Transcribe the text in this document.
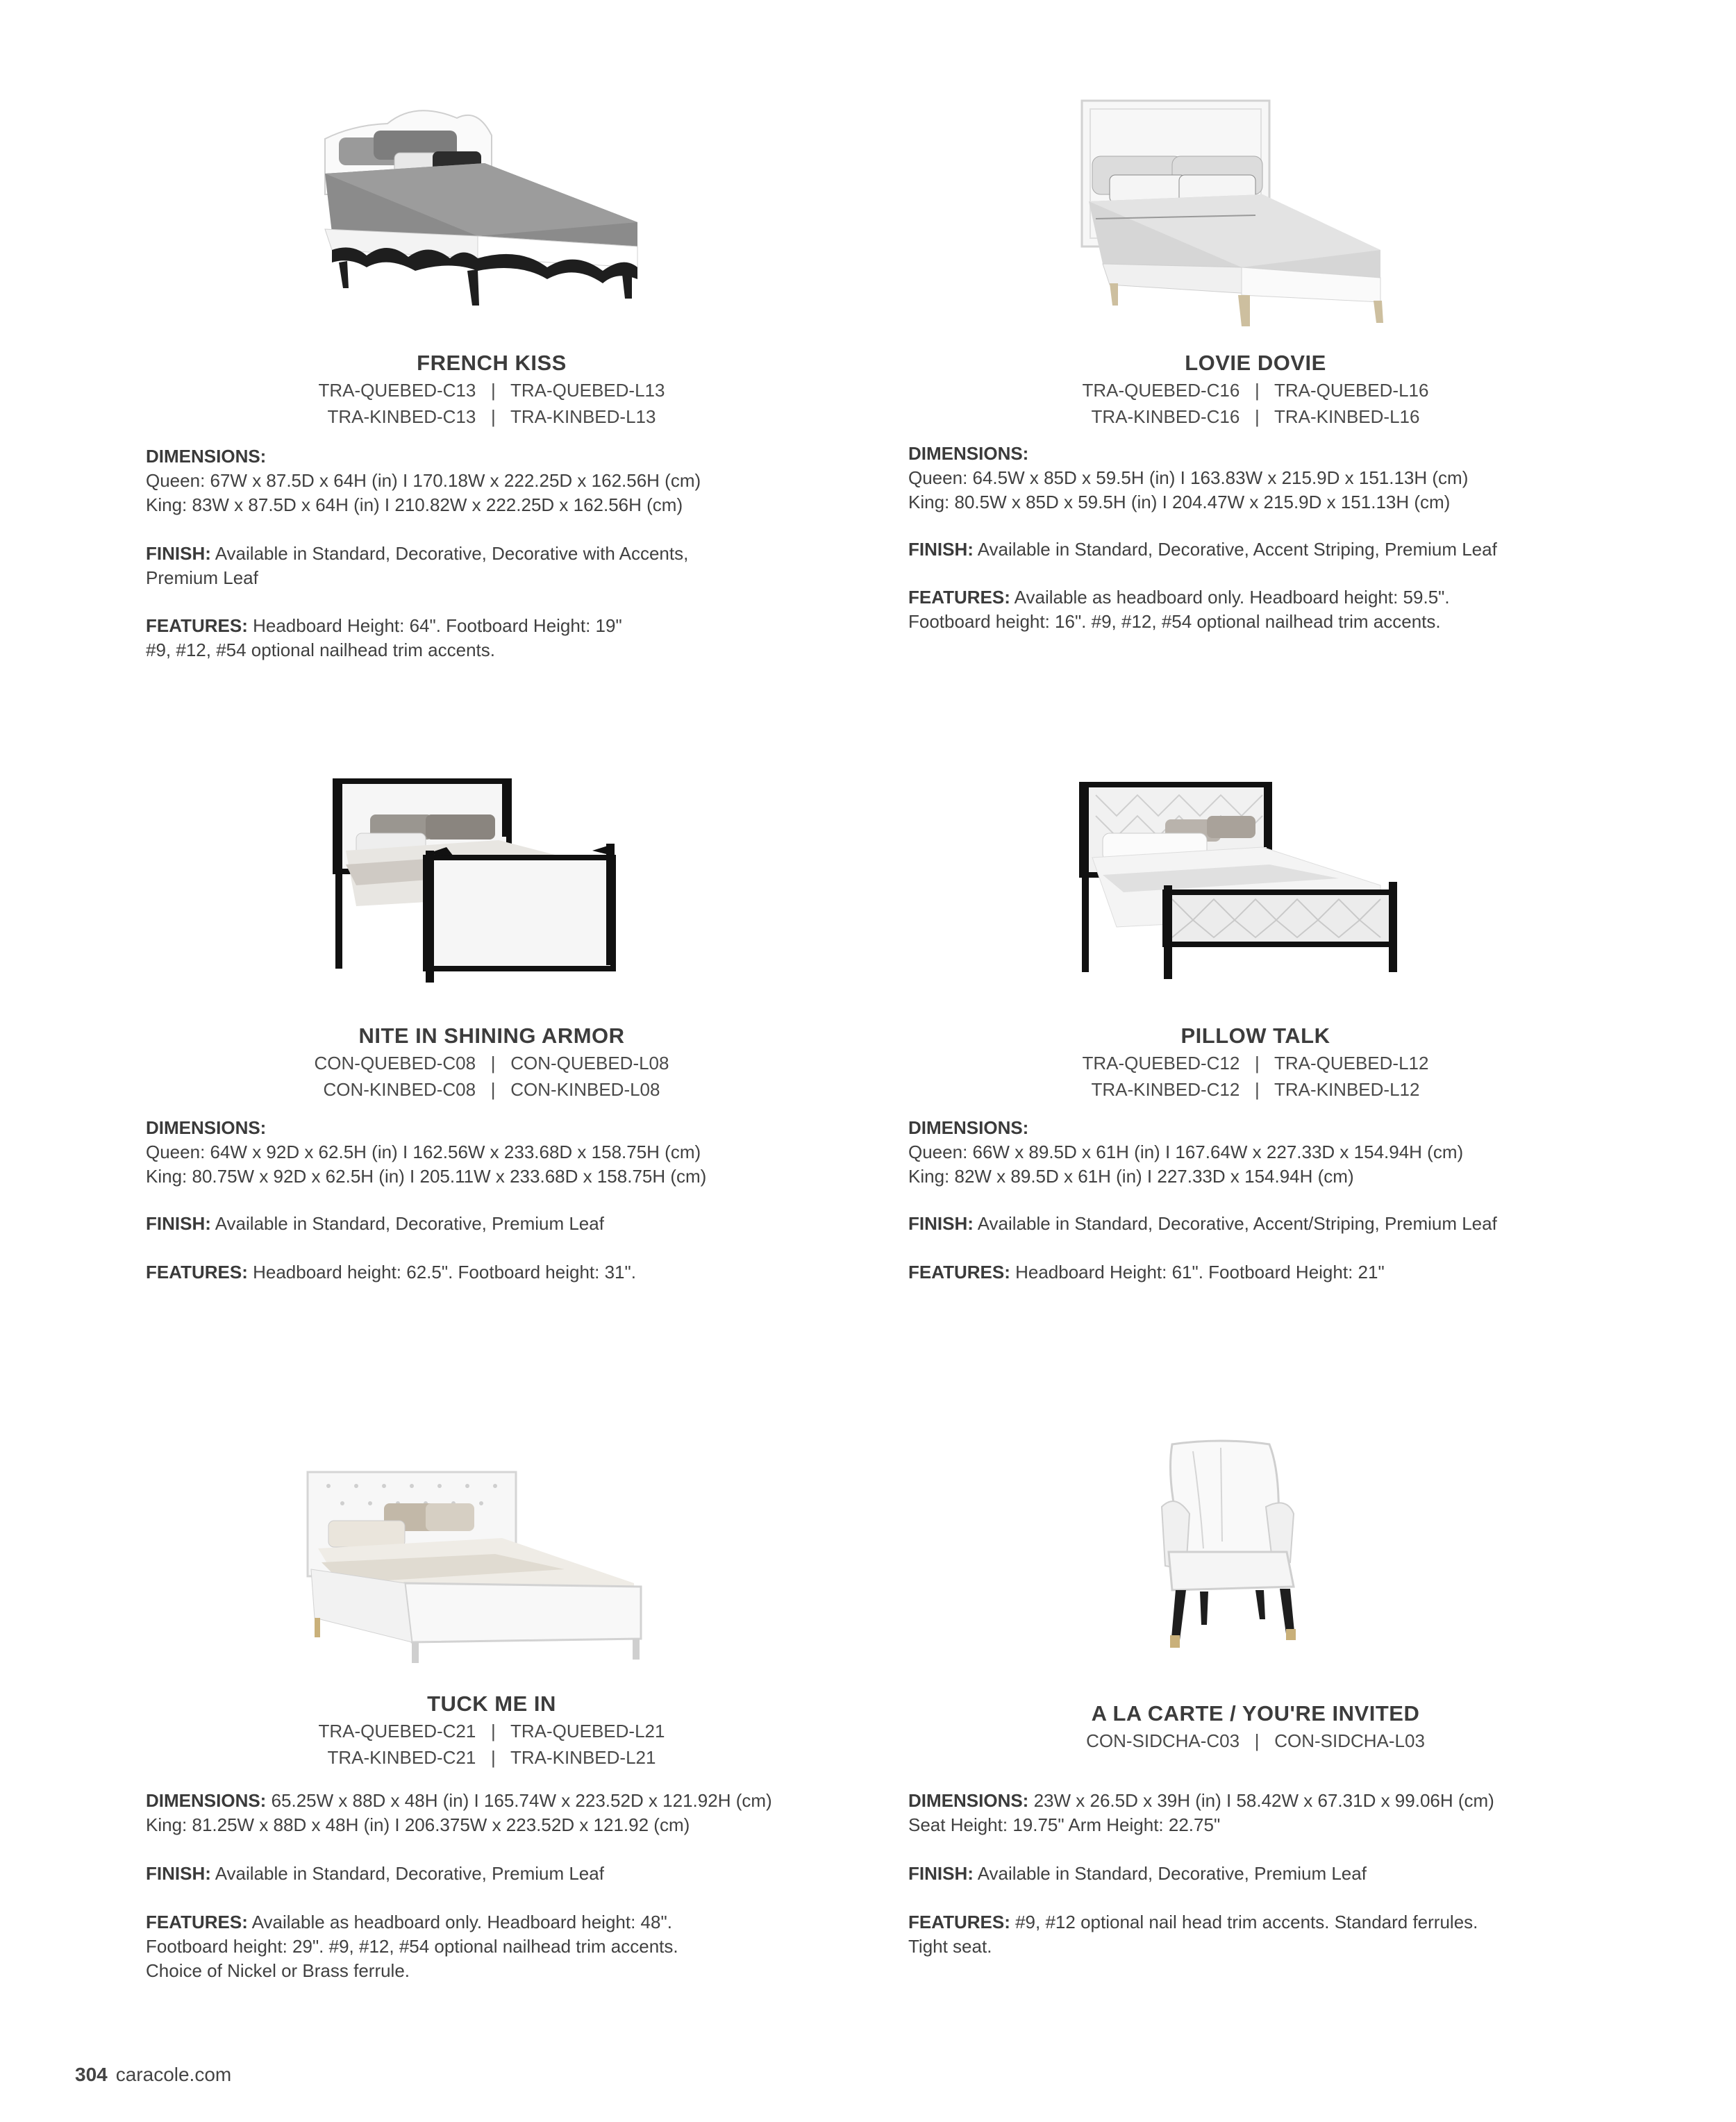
FRENCH KISS
TRA-QUEBED-C13   |   TRA-QUEBED-L13
TRA-KINBED-C13   |   TRA-KINBED-L13
DIMENSIONS:
Queen: 67W x 87.5D x 64H (in) I 170.18W x 222.25D x 162.56H (cm)
King: 83W x 87.5D x 64H (in) I 210.82W x 222.25D x 162.56H (cm)
FINISH: Available in Standard, Decorative, Decorative with Accents,
Premium Leaf
FEATURES: Headboard Height: 64". Footboard Height: 19"
#9, #12, #54 optional nailhead trim accents.
LOVIE DOVIE
TRA-QUEBED-C16   |   TRA-QUEBED-L16
TRA-KINBED-C16   |   TRA-KINBED-L16
DIMENSIONS:
Queen: 64.5W x 85D x 59.5H (in) I 163.83W x 215.9D x 151.13H (cm)
King: 80.5W x 85D x 59.5H (in) I 204.47W x 215.9D x 151.13H (cm)
FINISH: Available in Standard, Decorative, Accent Striping, Premium Leaf
FEATURES: Available as headboard only. Headboard height: 59.5".
Footboard height: 16". #9, #12, #54 optional nailhead trim accents.
NITE IN SHINING ARMOR
CON-QUEBED-C08   |   CON-QUEBED-L08
CON-KINBED-C08   |   CON-KINBED-L08
DIMENSIONS:
Queen: 64W x 92D x 62.5H (in) I 162.56W x 233.68D x 158.75H (cm)
King: 80.75W x 92D x 62.5H (in) I 205.11W x 233.68D x 158.75H (cm)
FINISH: Available in Standard, Decorative, Premium Leaf
FEATURES: Headboard height: 62.5". Footboard height: 31".
PILLOW TALK
TRA-QUEBED-C12   |   TRA-QUEBED-L12
TRA-KINBED-C12   |   TRA-KINBED-L12
DIMENSIONS:
Queen: 66W x 89.5D x 61H (in) I 167.64W x 227.33D x 154.94H (cm)
King: 82W x 89.5D x 61H (in) I 227.33D x 154.94H (cm)
FINISH: Available in Standard, Decorative, Accent/Striping, Premium Leaf
FEATURES: Headboard Height: 61". Footboard Height: 21"
TUCK ME IN
TRA-QUEBED-C21   |   TRA-QUEBED-L21
TRA-KINBED-C21   |   TRA-KINBED-L21
DIMENSIONS: 65.25W x 88D x 48H (in) I 165.74W x 223.52D x 121.92H (cm)
King: 81.25W x 88D x 48H (in) I 206.375W x 223.52D x 121.92 (cm)
FINISH: Available in Standard, Decorative, Premium Leaf
FEATURES: Available as headboard only. Headboard height: 48".
Footboard height: 29". #9, #12, #54 optional nailhead trim accents.
Choice of Nickel or Brass ferrule.
A LA CARTE / YOU'RE INVITED
CON-SIDCHA-C03   |   CON-SIDCHA-L03
DIMENSIONS: 23W x 26.5D x 39H (in) I 58.42W x 67.31D x 99.06H (cm)
Seat Height: 19.75" Arm Height: 22.75"
FINISH: Available in Standard, Decorative, Premium Leaf
FEATURES: #9, #12 optional nail head trim accents. Standard ferrules.
Tight seat.
304 caracole.com
